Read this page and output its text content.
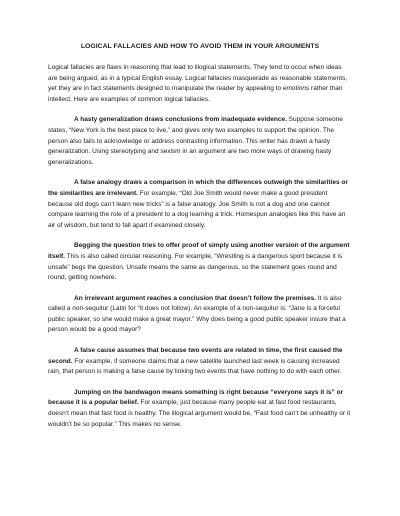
LOGICAL FALLACIES AND HOW TO AVOID THEM IN YOUR ARGUMENTS

Logical fallacies are flaws in reasoning that lead to illogical statements. They tend to occur when ideas are being argued, as in a typical English essay. Logical fallacies masquerade as reasonable statements, yet they are in fact statements designed to manipulate the reader by appealing to emotions rather than intellect. Here are examples of common logical fallacies.

A hasty generalization draws conclusions from inadequate evidence. Suppose someone states, “New York is the best place to live,” and gives only two examples to support the opinion. The person also fails to acknowledge or address contrasting information. This writer has drawn a hasty generalization. Using stereotyping and sexism in an argument are two more ways of drawing hasty generalizations.

A false analogy draws a comparison in which the differences outweigh the similarities or the similarities are irrelevant. For example, “Old Joe Smith would never make a good president because old dogs can’t learn new tricks” is a false analogy. Joe Smith is not a dog and one cannot compare learning the role of a president to a dog learning a trick. Homespun analogies like this have an air of wisdom, but tend to fall apart if examined closely.

Begging the question tries to offer proof of simply using another version of the argument itself. This is also called circular reasoning. For example, “Wrestling is a dangerous sport because it is unsafe” begs the question. Unsafe means the same as dangerous, so the statement goes round and round, getting nowhere.

An irrelevant argument reaches a conclusion that doesn’t follow the premises. It is also called a non-sequitur (Latin for “it does not follow). An example of a non-sequitur is: “Jane is a forceful public speaker, so she would make a great mayor.” Why does being a good public speaker insure that a person would be a good mayor?

A false cause assumes that because two events are related in time, the first caused the second. For example, if someone claims that a new satellite launched last week is causing increased rain, that person is making a false cause by linking two events that have nothing to do with each other.

Jumping on the bandwagon means something is right because “everyone says it is” or because it is a popular belief. For example, just because many people eat at fast food restaurants, doesn’t mean that fast food is healthy. The illogical argument would be, “Fast food can’t be unhealthy or it wouldn’t be so popular.” This makes no sense.
